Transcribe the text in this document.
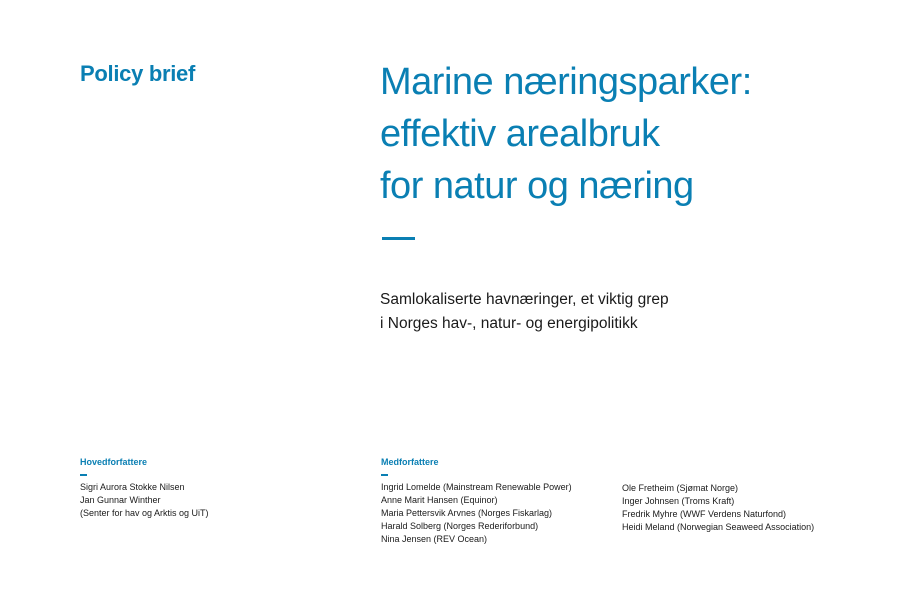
Policy brief	Marine næringsparker:
effektiv arealbruk
for natur og næring
Samlokaliserte havnæringer, et viktig grep
i Norges hav-, natur- og energipolitikk
Hovedforfattere
Sigri Aurora Stokke Nilsen
Jan Gunnar Winther
(Senter for hav og Arktis og UiT)
Medforfattere
Ingrid Lomelde (Mainstream Renewable Power)
Anne Marit Hansen (Equinor)
Maria Pettersvik Arvnes (Norges Fiskarlag)
Harald Solberg (Norges Rederiforbund)
Nina Jensen (REV Ocean)
Ole Fretheim (Sjømat Norge)
Inger Johnsen (Troms Kraft)
Fredrik Myhre (WWF Verdens Naturfond)
Heidi Meland (Norwegian Seaweed Association)
